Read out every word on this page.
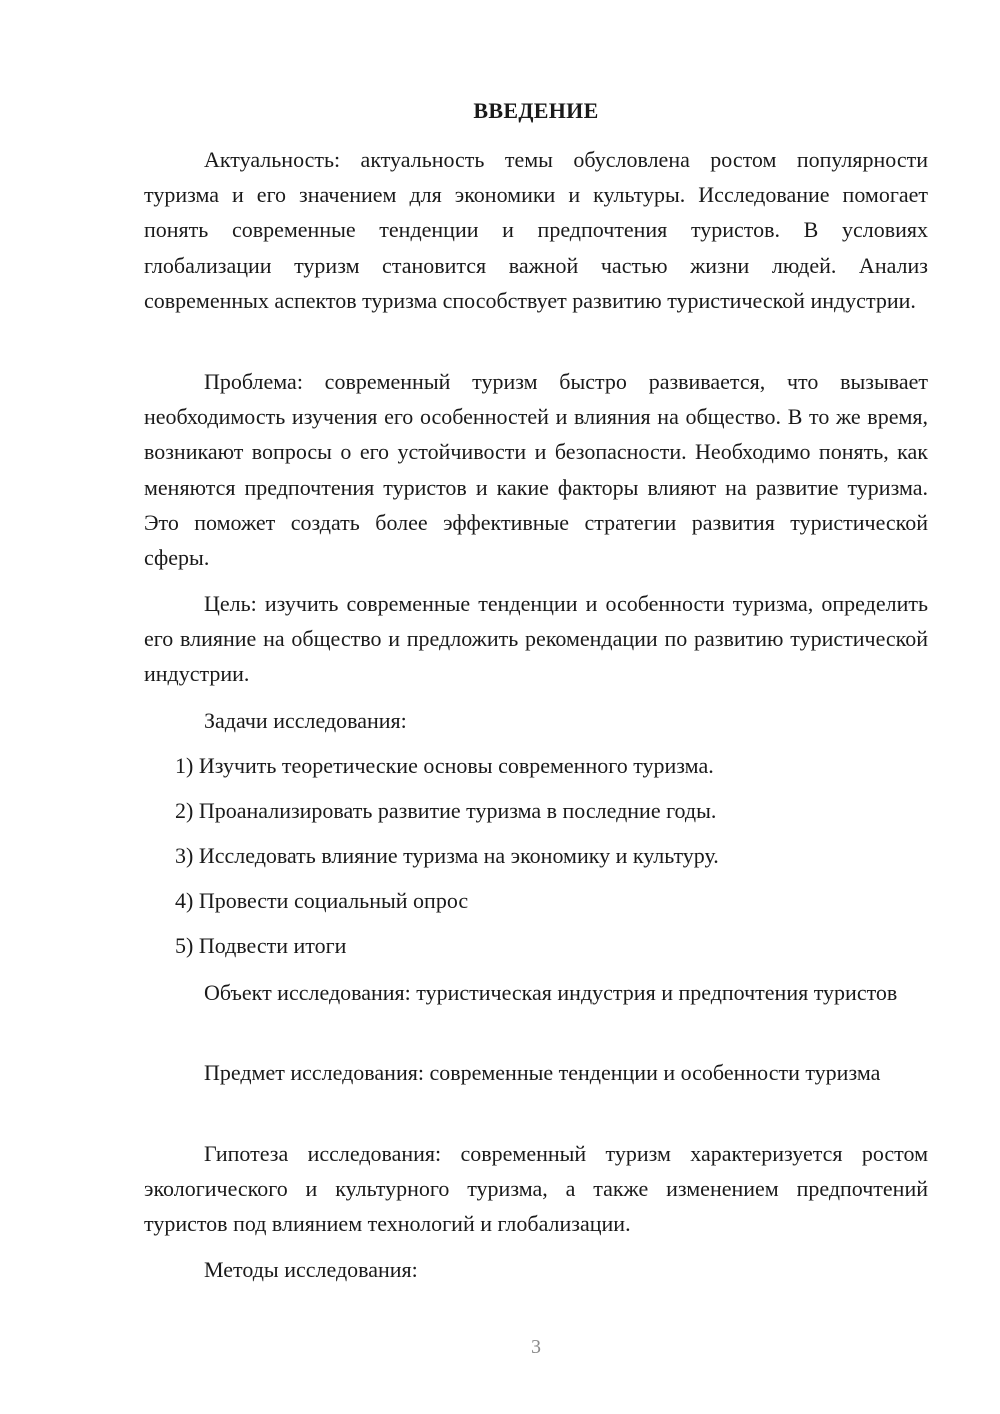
ВВЕДЕНИЕ

Актуальность: актуальность темы обусловлена ростом популярности туризма и его значением для экономики и культуры. Исследование помогает понять современные тенденции и предпочтения туристов. В условиях глобализации туризм становится важной частью жизни людей. Анализ современных аспектов туризма способствует развитию туристической индустрии.

Проблема: современный туризм быстро развивается, что вызывает необходимость изучения его особенностей и влияния на общество. В то же время, возникают вопросы о его устойчивости и безопасности. Необходимо понять, как меняются предпочтения туристов и какие факторы влияют на развитие туризма. Это поможет создать более эффективные стратегии развития туристической сферы.

Цель: изучить современные тенденции и особенности туризма, определить его влияние на общество и предложить рекомендации по развитию туристической индустрии.

Задачи исследования:

1) Изучить теоретические основы современного туризма.

2) Проанализировать развитие туризма в последние годы.

3) Исследовать влияние туризма на экономику и культуру.

4) Провести социальный опрос

5) Подвести итоги

Объект исследования: туристическая индустрия и предпочтения туристов

Предмет исследования: современные тенденции и особенности туризма

Гипотеза исследования: современный туризм характеризуется ростом экологического и культурного туризма, а также изменением предпочтений туристов под влиянием технологий и глобализации.

Методы исследования:

3
